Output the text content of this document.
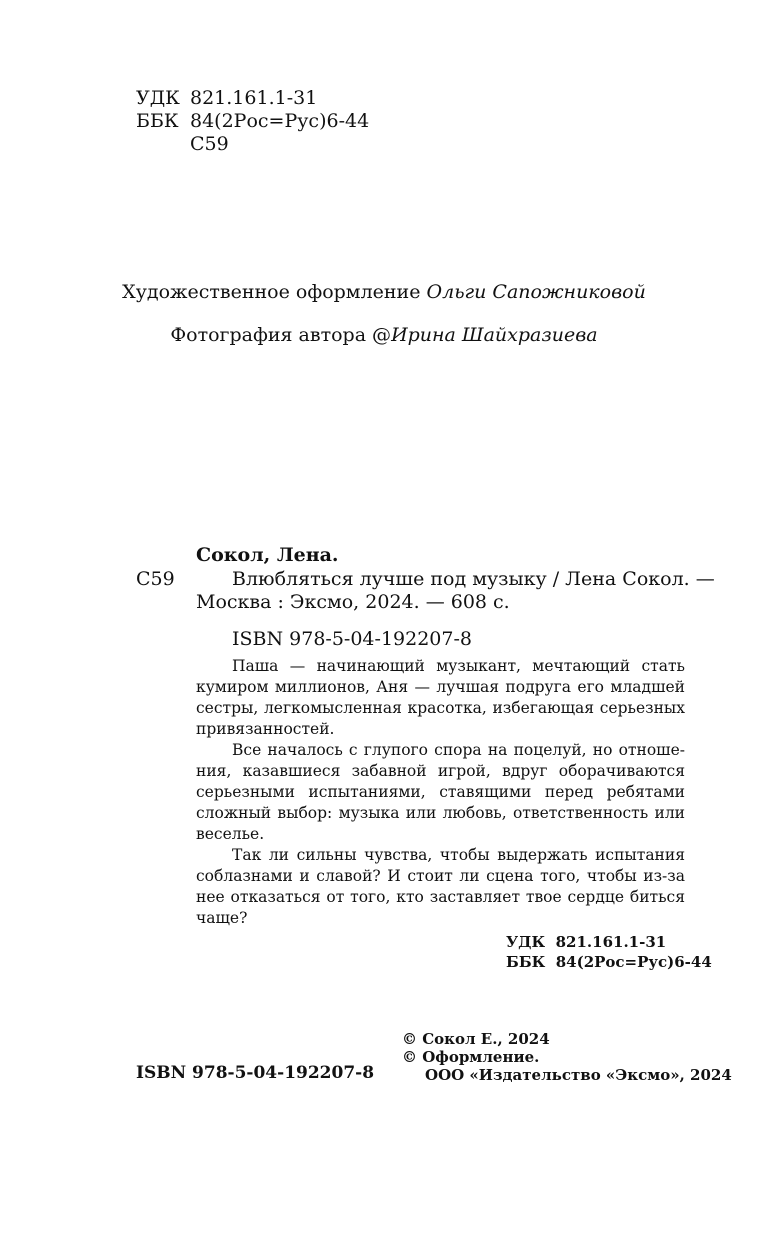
УДК 821.161.1-31
ББК 84(2Рос=Рус)6-44
С59
Художественное оформление Ольги Сапожниковой
Фотография автора @Ирина Шайхразиева
Сокол, Лена.
С59	Влюбляться лучше под музыку / Лена Сокол. —
Москва : Эксмо, 2024. — 608 с.
ISBN 978-5-04-192207-8

Паша — начинающий музыкант, мечтающий стать кумиром миллионов, Аня — лучшая подруга его младшей сестры, легкомысленная красотка, избегающая серьезных привязанностей.

Все началось с глупого спора на поцелуй, но отношения, казавшиеся забавной игрой, вдруг оборачиваются серьезными испытаниями, ставящими перед ребятами сложный выбор: музыка или любовь, ответственность или веселье.

Так ли сильны чувства, чтобы выдержать испытания соблазнами и славой? И стоит ли сцена того, чтобы из-за нее отказаться от того, кто заставляет твое сердце биться чаще?

УДК  821.161.1-31
ББК  84(2Рос=Рус)6-44
ISBN 978-5-04-192207-8
© Сокол Е., 2024
© Оформление.
ООО «Издательство «Эксмо», 2024
